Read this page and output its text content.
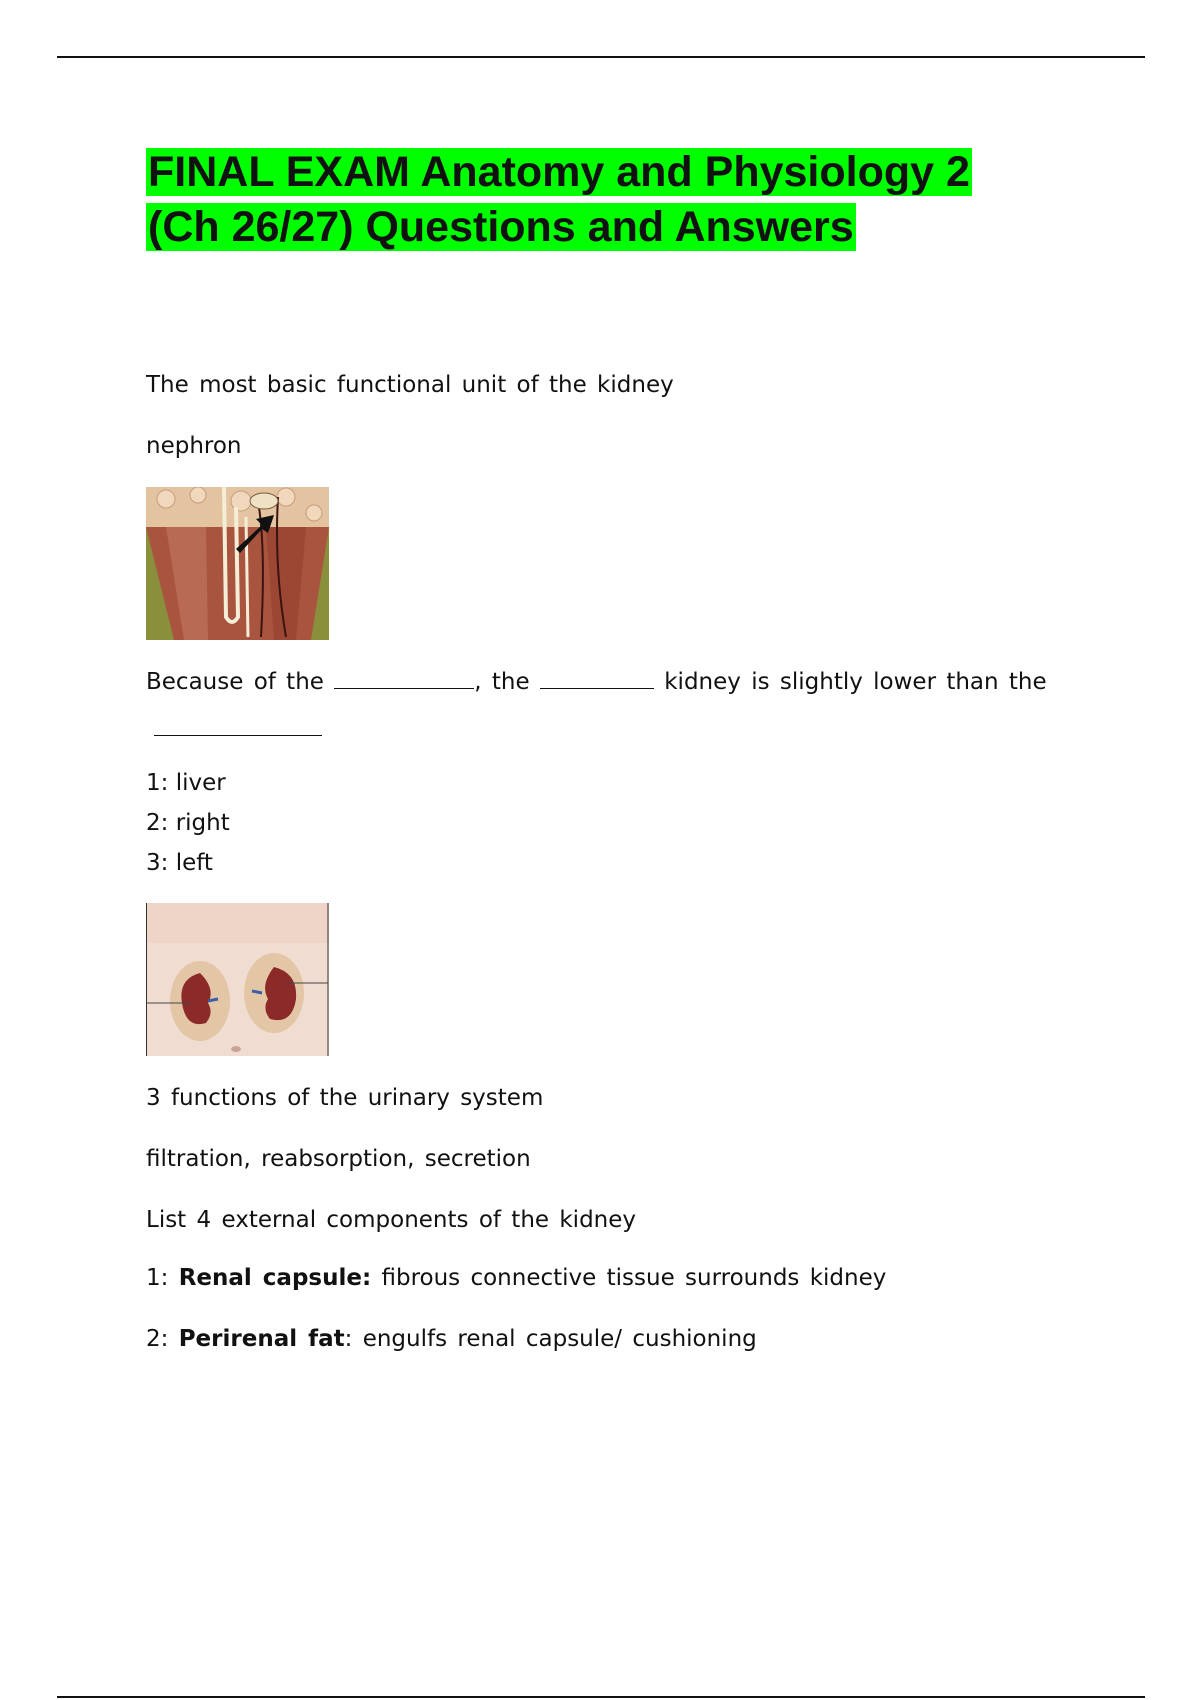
FINAL EXAM Anatomy and Physiology 2
(Ch 26/27) Questions and Answers

The most basic functional unit of the kidney

nephron

Because of the	, the	kidney is slightly lower than the

1: liver
2: right
3: left

3 functions of the urinary system

filtration, reabsorption, secretion

List 4 external components of the kidney

1: Renal capsule: fibrous connective tissue surrounds kidney

2: Perirenal fat: engulfs renal capsule/ cushioning
